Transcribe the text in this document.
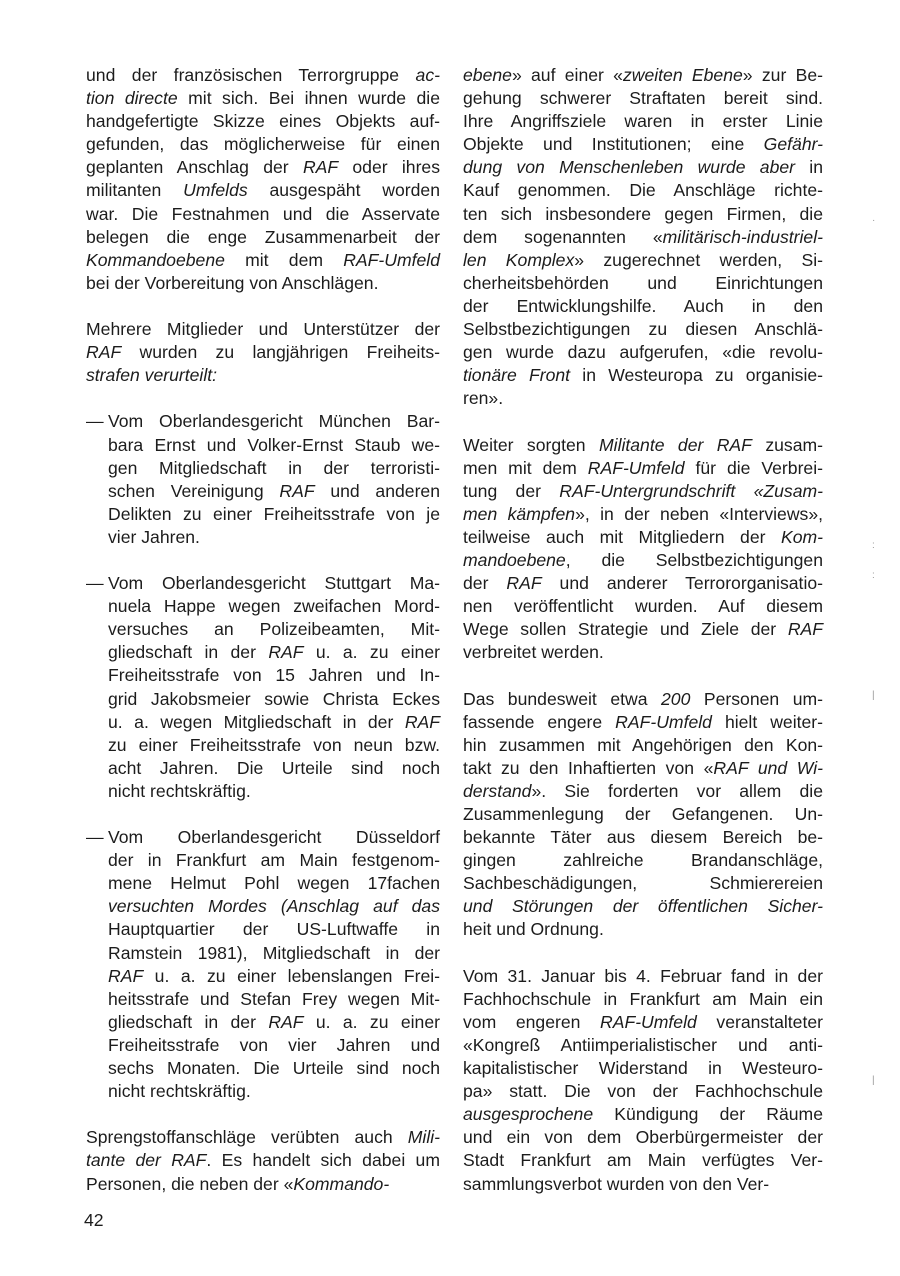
und der französischen Terrorgruppe ac-
tion directe mit sich. Bei ihnen wurde die
handgefertigte Skizze eines Objekts auf-
gefunden, das möglicherweise für einen
geplanten Anschlag der RAF oder ihres
militanten Umfelds ausgespäht worden
war. Die Festnahmen und die Asservate
belegen die enge Zusammenarbeit der
Kommandoebene mit dem RAF-Umfeld
bei der Vorbereitung von Anschlägen.
Mehrere Mitglieder und Unterstützer der
RAF wurden zu langjährigen Freiheits-
strafen verurteilt:
— Vom Oberlandesgericht München Bar-
bara Ernst und Volker-Ernst Staub we-
gen Mitgliedschaft in der terroristi-
schen Vereinigung RAF und anderen
Delikten zu einer Freiheitsstrafe von je
vier Jahren.
— Vom Oberlandesgericht Stuttgart Ma-
nuela Happe wegen zweifachen Mord-
versuches an Polizeibeamten, Mit-
gliedschaft in der RAF u. a. zu einer
Freiheitsstrafe von 15 Jahren und In-
grid Jakobsmeier sowie Christa Eckes
u. a. wegen Mitgliedschaft in der RAF
zu einer Freiheitsstrafe von neun bzw.
acht Jahren. Die Urteile sind noch
nicht rechtskräftig.
— Vom Oberlandesgericht Düsseldorf
der in Frankfurt am Main festgenom-
mene Helmut Pohl wegen 17fachen
versuchten Mordes (Anschlag auf das
Hauptquartier der US-Luftwaffe in
Ramstein 1981), Mitgliedschaft in der
RAF u. a. zu einer lebenslangen Frei-
heitsstrafe und Stefan Frey wegen Mit-
gliedschaft in der RAF u. a. zu einer
Freiheitsstrafe von vier Jahren und
sechs Monaten. Die Urteile sind noch
nicht rechtskräftig.
Sprengstoffanschläge verübten auch Mili-
tante der RAF. Es handelt sich dabei um
Personen, die neben der «Kommando-
ebene» auf einer «zweiten Ebene» zur Be-
gehung schwerer Straftaten bereit sind.
Ihre Angriffsziele waren in erster Linie
Objekte und Institutionen; eine Gefähr-
dung von Menschenleben wurde aber in
Kauf genommen. Die Anschläge richte-
ten sich insbesondere gegen Firmen, die
dem sogenannten «militärisch-industriel-
len Komplex» zugerechnet werden, Si-
cherheitsbehörden und Einrichtungen
der Entwicklungshilfe. Auch in den
Selbstbezichtigungen zu diesen Anschlä-
gen wurde dazu aufgerufen, «die revolu-
tionäre Front in Westeuropa zu organisie-
ren».
Weiter sorgten Militante der RAF zusam-
men mit dem RAF-Umfeld für die Verbrei-
tung der RAF-Untergrundschrift «Zusam-
men kämpfen», in der neben «Interviews»,
teilweise auch mit Mitgliedern der Kom-
mandoebene, die Selbstbezichtigungen
der RAF und anderer Terrororganisatio-
nen veröffentlicht wurden. Auf diesem
Wege sollen Strategie und Ziele der RAF
verbreitet werden.
Das bundesweit etwa 200 Personen um-
fassende engere RAF-Umfeld hielt weiter-
hin zusammen mit Angehörigen den Kon-
takt zu den Inhaftierten von «RAF und Wi-
derstand». Sie forderten vor allem die
Zusammenlegung der Gefangenen. Un-
bekannte Täter aus diesem Bereich be-
gingen zahlreiche Brandanschläge,
Sachbeschädigungen, Schmierereien
und Störungen der öffentlichen Sicher-
heit und Ordnung.
Vom 31. Januar bis 4. Februar fand in der
Fachhochschule in Frankfurt am Main ein
vom engeren RAF-Umfeld veranstalteter
«Kongreß Antiimperialistischer und anti-
kapitalistischer Widerstand in Westeuro-
pa» statt. Die von der Fachhochschule
ausgesprochene Kündigung der Räume
und ein von dem Oberbürgermeister der
Stadt Frankfurt am Main verfügtes Ver-
sammlungsverbot wurden von den Ver-
42
·
:
:
|
|
